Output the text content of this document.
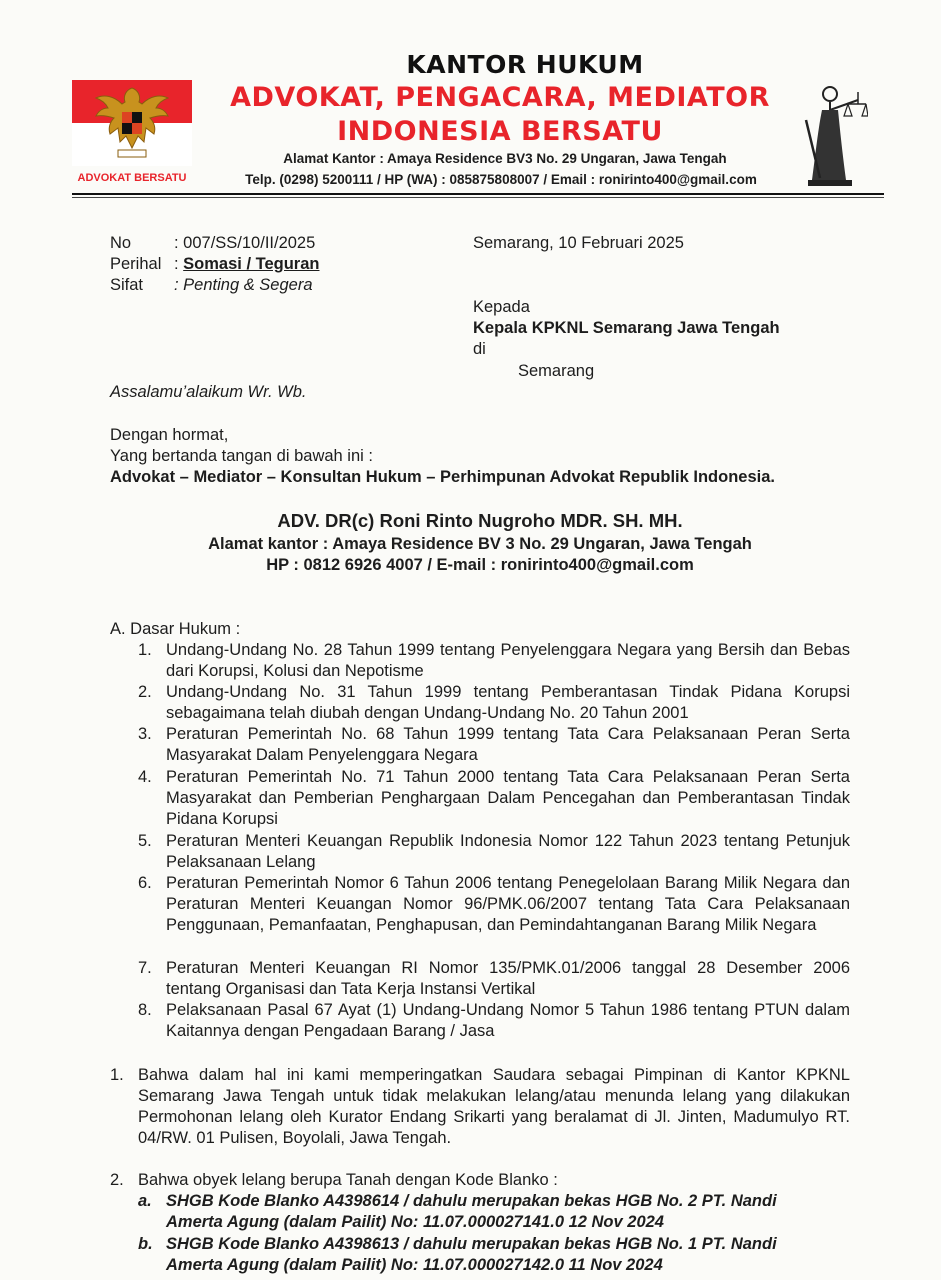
ADVOKAT BERSATU
KANTOR HUKUM
ADVOKAT, PENGACARA, MEDIATOR
INDONESIA BERSATU
Alamat Kantor : Amaya Residence BV3 No. 29 Ungaran, Jawa Tengah
Telp. (0298) 5200111 / HP (WA) : 085875808007 / Email : ronirinto400@gmail.com
No	: 007/SS/10/II/2025
Perihal : Somasi / Teguran
Sifat : Penting & Segera
Semarang, 10 Februari 2025
Kepada
Kepala KPKNL Semarang Jawa Tengah
di
Semarang
Assalamu’alaikum Wr. Wb.
Dengan hormat,
Yang bertanda tangan di bawah ini :
Advokat – Mediator – Konsultan Hukum – Perhimpunan Advokat Republik Indonesia.
ADV. DR(c) Roni Rinto Nugroho MDR. SH. MH.
Alamat kantor : Amaya Residence BV 3 No. 29 Ungaran, Jawa Tengah
HP : 0812 6926 4007 / E-mail : ronirinto400@gmail.com
A. Dasar Hukum :
1. Undang-Undang No. 28 Tahun 1999 tentang Penyelenggara Negara yang Bersih dan Bebas dari Korupsi, Kolusi dan Nepotisme
2. Undang-Undang No. 31 Tahun 1999 tentang Pemberantasan Tindak Pidana Korupsi sebagaimana telah diubah dengan Undang-Undang No. 20 Tahun 2001
3. Peraturan Pemerintah No. 68 Tahun 1999 tentang Tata Cara Pelaksanaan Peran Serta Masyarakat Dalam Penyelenggara Negara
4. Peraturan Pemerintah No. 71 Tahun 2000 tentang Tata Cara Pelaksanaan Peran Serta Masyarakat dan Pemberian Penghargaan Dalam Pencegahan dan Pemberantasan Tindak Pidana Korupsi
5. Peraturan Menteri Keuangan Republik Indonesia Nomor 122 Tahun 2023 tentang Petunjuk Pelaksanaan Lelang
6. Peraturan Pemerintah Nomor 6 Tahun 2006 tentang Penegelolaan Barang Milik Negara dan Peraturan Menteri Keuangan Nomor 96/PMK.06/2007 tentang Tata Cara Pelaksanaan Penggunaan, Pemanfaatan, Penghapusan, dan Pemindahtanganan Barang Milik Negara
7. Peraturan Menteri Keuangan RI Nomor 135/PMK.01/2006 tanggal 28 Desember 2006 tentang Organisasi dan Tata Kerja Instansi Vertikal
8. Pelaksanaan Pasal 67 Ayat (1) Undang-Undang Nomor 5 Tahun 1986 tentang PTUN dalam Kaitannya dengan Pengadaan Barang / Jasa
1. Bahwa dalam hal ini kami memperingatkan Saudara sebagai Pimpinan di Kantor KPKNL Semarang Jawa Tengah untuk tidak melakukan lelang/atau menunda lelang yang dilakukan Permohonan lelang oleh Kurator Endang Srikarti yang beralamat di Jl. Jinten, Madumulyo RT. 04/RW. 01 Pulisen, Boyolali, Jawa Tengah.
2. Bahwa obyek lelang berupa Tanah dengan Kode Blanko :
a. SHGB Kode Blanko A4398614 / dahulu merupakan bekas HGB No. 2 PT. Nandi
Amerta Agung (dalam Pailit) No: 11.07.000027141.0 12 Nov 2024
b. SHGB Kode Blanko A4398613 / dahulu merupakan bekas HGB No. 1 PT. Nandi
Amerta Agung (dalam Pailit) No: 11.07.000027142.0 11 Nov 2024
